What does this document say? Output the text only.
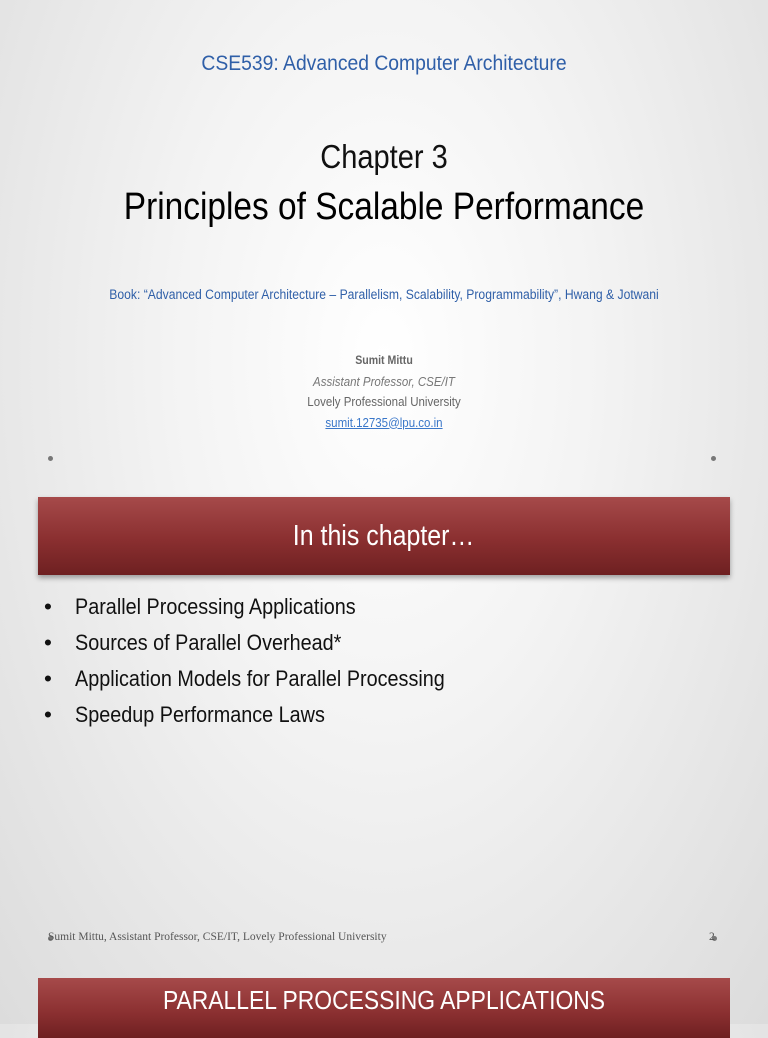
CSE539: Advanced Computer Architecture
Chapter 3
Principles of Scalable Performance
Book: “Advanced Computer Architecture – Parallelism, Scalability, Programmability”, Hwang & Jotwani
Sumit Mittu
Assistant Professor, CSE/IT
Lovely Professional University
sumit.12735@lpu.co.in
In this chapter…
• Parallel Processing Applications
• Sources of Parallel Overhead*
• Application Models for Parallel Processing
• Speedup Performance Laws
Sumit Mittu, Assistant Professor, CSE/IT, Lovely Professional University	2
PARALLEL PROCESSING APPLICATIONS
